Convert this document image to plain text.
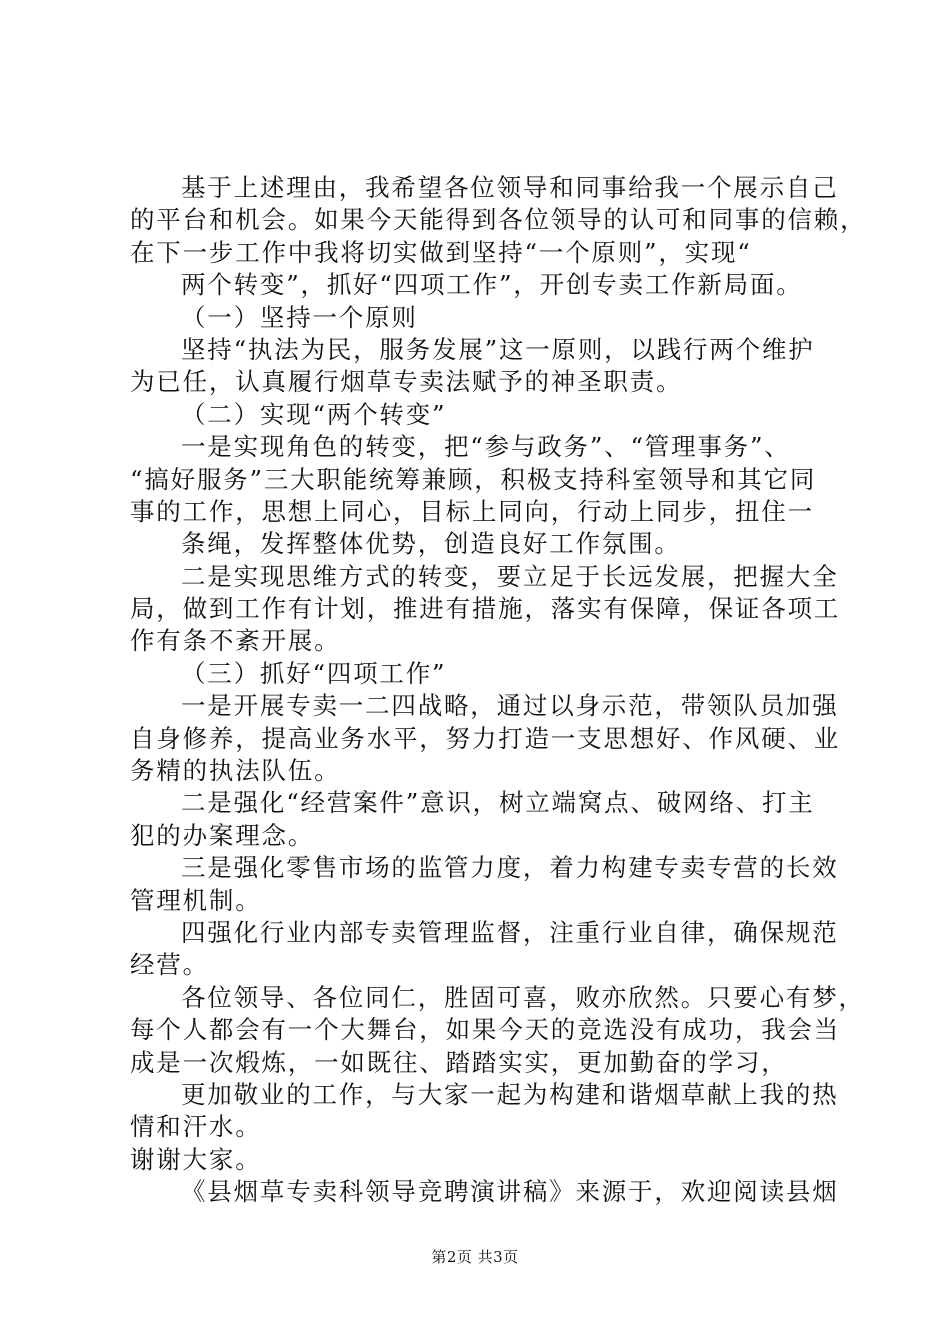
基于上述理由，我希望各位领导和同事给我一个展示自己
的平台和机会。如果今天能得到各位领导的认可和同事的信赖，
在下一步工作中我将切实做到坚持“一个原则”，实现“
两个转变”，抓好“四项工作”，开创专卖工作新局面。
（一）坚持一个原则
坚持“执法为民，服务发展”这一原则，以践行两个维护
为已任，认真履行烟草专卖法赋予的神圣职责。
（二）实现“两个转变”
一是实现角色的转变，把“参与政务”、“管理事务”、
“搞好服务”三大职能统筹兼顾，积极支持科室领导和其它同
事的工作，思想上同心，目标上同向，行动上同步，扭住一
条绳，发挥整体优势，创造良好工作氛围。
二是实现思维方式的转变，要立足于长远发展，把握大全
局，做到工作有计划，推进有措施，落实有保障，保证各项工
作有条不紊开展。
（三）抓好“四项工作”
一是开展专卖一二四战略，通过以身示范，带领队员加强
自身修养，提高业务水平，努力打造一支思想好、作风硬、业
务精的执法队伍。
二是强化“经营案件”意识，树立端窝点、破网络、打主
犯的办案理念。
三是强化零售市场的监管力度，着力构建专卖专营的长效
管理机制。
四强化行业内部专卖管理监督，注重行业自律，确保规范
经营。
各位领导、各位同仁，胜固可喜，败亦欣然。只要心有梦，
每个人都会有一个大舞台，如果今天的竞选没有成功，我会当
成是一次煅炼，一如既往、踏踏实实，更加勤奋的学习，
更加敬业的工作，与大家一起为构建和谐烟草献上我的热
情和汗水。
谢谢大家。
《县烟草专卖科领导竞聘演讲稿》来源于，欢迎阅读县烟
第2页 共3页
